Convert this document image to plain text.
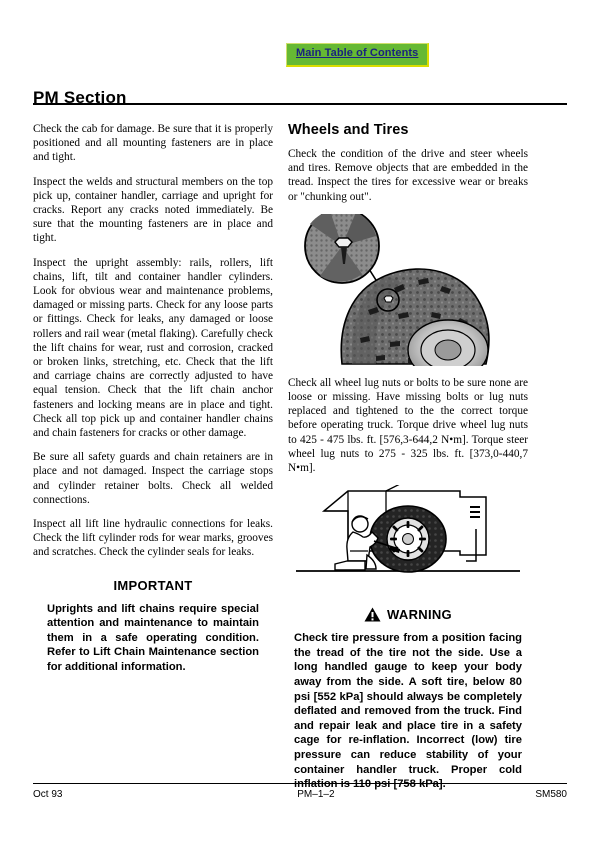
Main Table of Contents
PM Section

Check the cab for damage. Be sure that it is properly positioned and all mounting fasteners are in place and tight.

Inspect the welds and structural members on the top pick up, container handler, carriage and upright for cracks. Report any cracks noted immediately. Be sure that the mounting fasteners are in place and tight.

Inspect the upright assembly: rails, rollers, lift chains, lift, tilt and container handler cylinders. Look for obvious wear and maintenance problems, damaged or missing parts. Check for any loose parts or fittings. Check for leaks, any damaged or loose rollers and rail wear (metal flaking). Carefully check the lift chains for wear, rust and corrosion, cracked or broken links, stretching, etc. Check that the lift and carriage chains are correctly adjusted to have equal tension. Check that the lift chain anchor fasteners and locking means are in place and tight. Check all top pick up and container handler chains and chain fasteners for cracks or other damage.

Be sure all safety guards and chain retainers are in place and not damaged. Inspect the carriage stops and cylinder retainer bolts. Check all welded connections.

Inspect all lift line hydraulic connections for leaks. Check the lift cylinder rods for wear marks, grooves and scratches. Check the cylinder seals for leaks.

IMPORTANT
Uprights and lift chains require special attention and maintenance to maintain them in a safe operating condition. Refer to Lift Chain Maintenance section for additional information.
Wheels and Tires

Check the condition of the drive and steer wheels and tires. Remove objects that are embedded in the tread. Inspect the tires for excessive wear or breaks or "chunking out".

Check all wheel lug nuts or bolts to be sure none are loose or missing. Have missing bolts or lug nuts replaced and tightened to the the correct torque before operating truck. Torque drive wheel lug nuts to 425 - 475 lbs. ft. [576,3-644,2 N•m]. Torque steer wheel lug nuts to 275 - 325 lbs. ft. [373,0-440,7 N•m].

WARNING
Check tire pressure from a position facing the tread of the tire not the side. Use a long handled gauge to keep your body away from the side. A soft tire, below 80 psi [552 kPa] should always be completely deflated and removed from the truck. Find and repair leak and place tire in a safety cage for re-inflation. Incorrect (low) tire pressure can reduce stability of your container handler truck. Proper cold inflation is 110 psi [758 kPa].
Oct 93	PM–1–2	SM580
